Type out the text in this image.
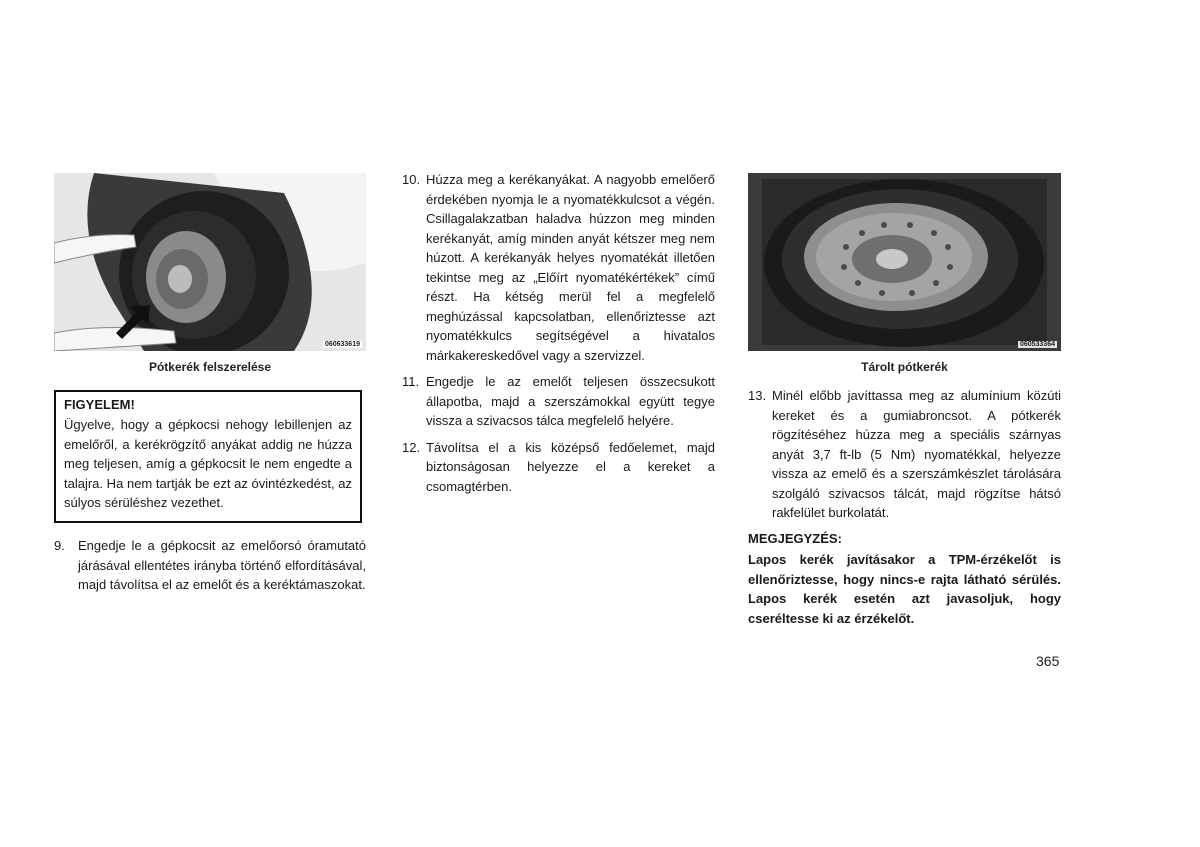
060633619
Pótkerék felszerelése
FIGYELEM!
Ügyelve, hogy a gépkocsi nehogy lebillenjen az emelőről, a kerékrögzítő anyákat addig ne húzza meg teljesen, amíg a gépkocsit le nem engedte a talajra. Ha nem tartják be ezt az óvintézkedést, az súlyos sérüléshez vezethet.
9. Engedje le a gépkocsit az emelőorsó óramutató járásával ellentétes irányba történő elfordításával, majd távolítsa el az emelőt és a keréktámaszokat.
10. Húzza meg a kerékanyákat. A nagyobb emelőerő érdekében nyomja le a nyomatékkulcsot a végén. Csillagalakzatban haladva húzzon meg minden kerékanyát, amíg minden anyát kétszer meg nem húzott. A kerékanyák helyes nyomatékát illetően tekintse meg az „Előírt nyomatékértékek” című részt. Ha kétség merül fel a megfelelő meghúzással kapcsolatban, ellenőriztesse azt nyomatékkulcs segítségével a hivatalos márkakereskedővel vagy a szervizzel.
11. Engedje le az emelőt teljesen összecsukott állapotba, majd a szerszámokkal együtt tegye vissza a szivacsos tálca megfelelő helyére.
12. Távolítsa el a kis középső fedőelemet, majd biztonságosan helyezze el a kereket a csomagtérben.
060533364
Tárolt pótkerék
13. Minél előbb javíttassa meg az alumínium közúti kereket és a gumiabroncsot. A pótkerék rögzítéséhez húzza meg a speciális szárnyas anyát 3,7 ft-lb (5 Nm) nyomatékkal, helyezze vissza az emelő és a szerszámkészlet tárolására szolgáló szivacsos tálcát, majd rögzítse hátsó rakfelület burkolatát.
MEGJEGYZÉS:
Lapos kerék javításakor a TPM-érzékelőt is ellenőriztesse, hogy nincs-e rajta látható sérülés. Lapos kerék esetén azt javasoljuk, hogy cseréltesse ki az érzékelőt.
365
